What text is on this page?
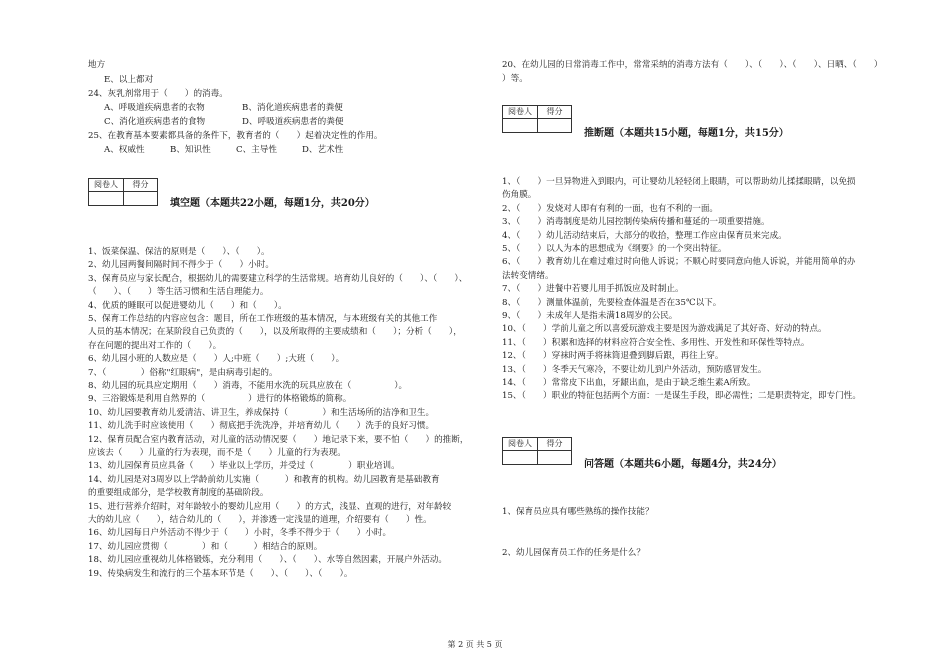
地方
E、以上都对
24、灰乳剂常用于（　　）的消毒。
A、呼吸道疾病患者的衣物	B、消化道疾病患者的粪便
C、消化道疾病患者的食物	D、呼吸道疾病患者的粪便
25、在教育基本要素都具备的条件下，教育者的（　　）起着决定性的作用。
A、权威性	B、知识性	C、主导性	D、艺术性
阅卷人	得分
填空题（本题共22小题，每题1分，共20分）
1、饭菜保温、保洁的原则是（　　）、（　　）。
2、幼儿园两餐间隔时间不得少于（　　）小时。
3、保育员应与家长配合，根据幼儿的需要建立科学的生活常规。培育幼儿良好的（　　）、（　　）、
（　　）、（　　）等生活习惯和生活自理能力。
4、优质的睡眠可以促进婴幼儿（　　）和（　　）。
5、保育工作总结的内容应包含：题目，所在工作班级的基本情况，与本班级有关的其他工作
人员的基本情况；在某阶段自己负责的（　　），以及所取得的主要成绩和（　　）；分析（　　），
存在问题的提出对工作的（　　）。
6、幼儿园小班的人数应是（　　）人;中班（　　）;大班（　　）。
7、（　　　　）俗称"红眼病"，是由病毒引起的。
8、幼儿园的玩具应定期用（　　）消毒，不能用水洗的玩具应放在（　　　　　）。
9、三浴锻炼是利用自然界的（　　　　　）进行的体格锻炼的简称。
10、幼儿园要教育幼儿爱清洁、讲卫生，养成保持（　　　　）和生活场所的洁净和卫生。
11、幼儿洗手时应该使用（　　）彻底把手洗洗净，并培育幼儿（　　）洗手的良好习惯。
12、保育员配合室内教育活动，对儿童的活动情况要（　　）地记录下来，要不怕（　　）的推断，
应该去（　　）儿童的行为表现，而不是（　　）儿童的行为表现。
13、幼儿园保育员应具备（　　）毕业以上学历，并受过（　　　　）职业培训。
14、幼儿园是对3周岁以上学龄前幼儿实施（　　　）和教育的机构。幼儿园教育是基础教育
的重要组成部分，是学校教育制度的基础阶段。
15、进行营养介绍时，对年龄较小的婴幼儿应用（　　）的方式，浅显、直观的进行，对年龄较
大的幼儿应（　　），结合幼儿的（　　），并渗透一定浅显的道理，介绍要有（　　）性。
16、幼儿园每日户外活动不得少于（　　）小时，冬季不得少于（　　）小时。
17、幼儿园应贯彻（　　　　）和（　　　）相结合的原则。
18、幼儿园应重视幼儿体格锻炼，充分利用（　　）、（　　）、水等自然因素，开展户外活动。
19、传染病发生和流行的三个基本环节是（　　）、（　　）、（　　）。
20、在幼儿园的日常消毒工作中，常常采纳的消毒方法有（　　）、（　　）、（　　）、日晒、（　　）
）等。
阅卷人	得分
推断题（本题共15小题，每题1分，共15分）
1、（　　）一旦异物进入到眼内，可让婴幼儿轻轻闭上眼睛，可以帮助幼儿揉揉眼睛，以免损
伤角膜。
2、（　　）发烧对人即有有利的一面，也有不利的一面。
3、（　　）消毒制度是幼儿园控制传染病传播和蔓延的一项重要措施。
4、（　　）幼儿活动结束后，大部分的收拾，整理工作应由保育员来完成。
5、（　　）以人为本的思想成为《纲要》的一个突出特征。
6、（　　）教育幼儿在难过难过时向他人诉说；不顺心时要同意向他人诉说，并能用简单的办
法转变情绪。
7、（　　）进餐中若婴儿用手抓饭应及时制止。
8、（　　）测量体温前，先要检查体温是否在35℃以下。
9、（　　）未成年人是指未满18周岁的公民。
10、（　　）学前儿童之所以喜爱玩游戏主要是因为游戏满足了其好奇、好动的特点。
11、（　　）积累和选择的材料应符合安全性、多用性、开发性和环保性等特点。
12、（　　）穿袜时两手将袜筒退叠到脚后跟，再往上穿。
13、（　　）冬季天气寒冷，不要让幼儿到户外活动，预防感冒发生。
14、（　　）常常皮下出血，牙龈出血，是由于缺乏维生素A所致。
15、（　　）职业的特征包括两个方面：一是谋生手段，即必需性；二是职责特定，即专门性。
阅卷人	得分
问答题（本题共6小题，每题4分，共24分）
1、保育员应具有哪些熟练的操作技能？
2、幼儿园保育员工作的任务是什么？
第 2 页 共 5 页
